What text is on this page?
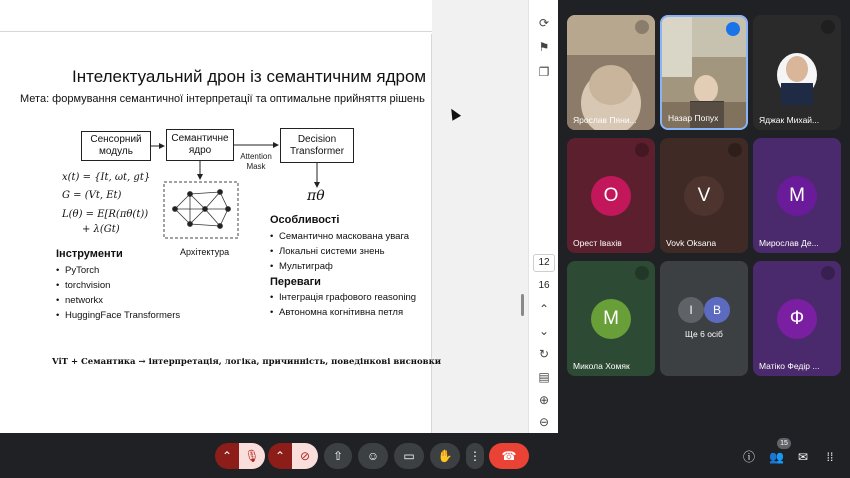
Інтелектуальний дрон із семантичним ядром
Мета: формування семантичної інтерпретації та оптимальне прийняття рішень
Сенсорний модуль
Семантичне ядро
Decision Transformer
Attention Mask
πθ
Архітектура
x(t) = {It, ωt, gt}
G = (Vt, Et)
L(θ) = E[R(πθ(t))
+ λ(Gt)
Інструменти
• PyTorch
• torchvision
• networkx
• HuggingFace Transformers
Особливості
• Семантично маскована увага
• Локальні системи знень
• Мультиграф
Переваги
• Інтеграція графового reasoning
• Автономна когнітивна петля
ViT + Семантика → інтерпретація, логіка, причинність, поведінкові висновки
⟳
⚑
❐
12
16
⌃
⌄
↻
▤
⊕
⊖
Ярослав Пяни...	Назар Попух	Яджак Михай...
О
Орест Івахів
V
Vovk Oksana
M
Мирослав Де...
M
Микола Хомяк
I	B
Ще 6 осіб
Ф
Матіко Федір ...
⌃	🎙	⌃	⊘	⇧	☺	▭	✋	⋮	☎	ⓘ 👥 ✉	⁞⁞
15
